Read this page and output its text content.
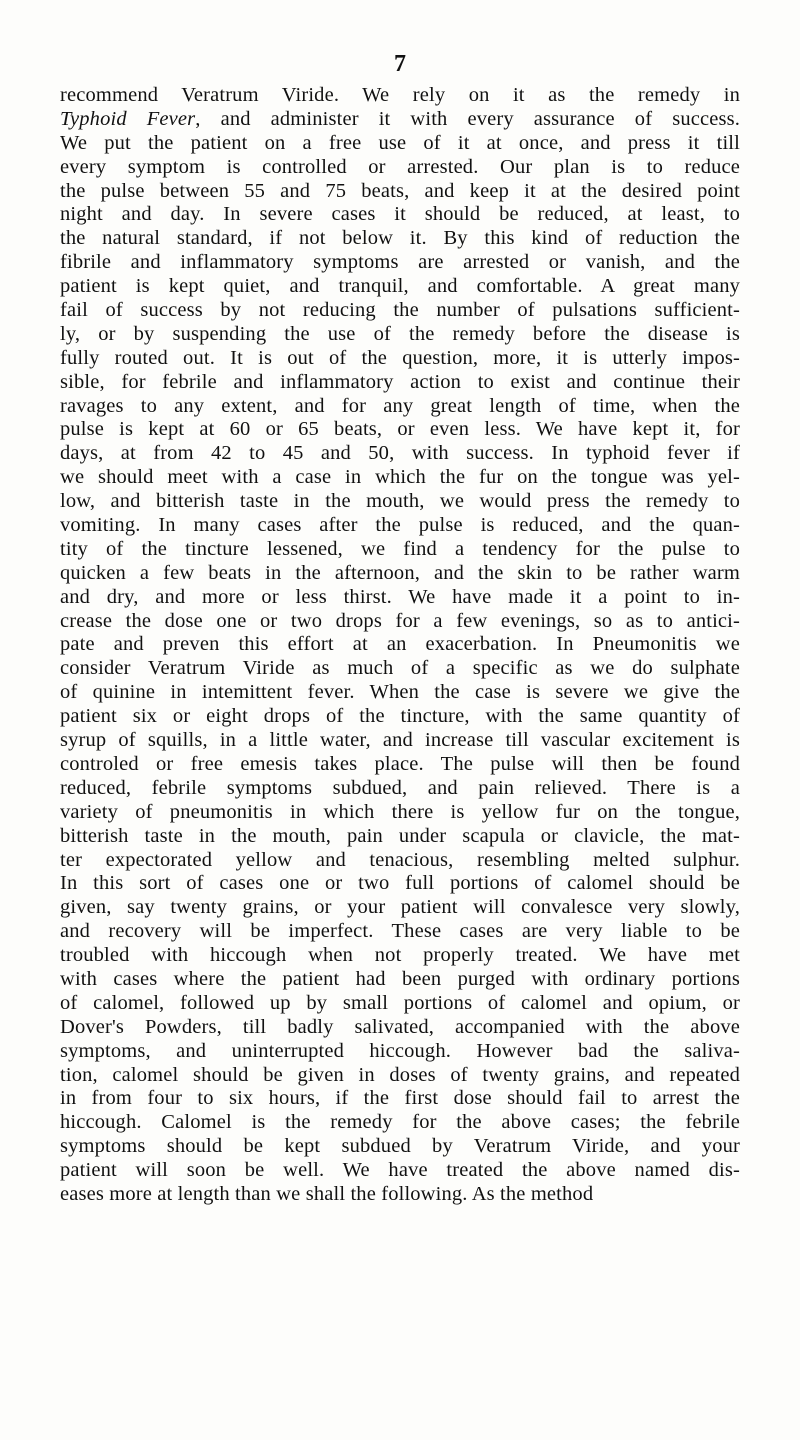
7
recommend Veratrum Viride. We rely on it as the remedy in
Typhoid Fever, and administer it with every assurance of success.
We put the patient on a free use of it at once, and press it till
every symptom is controlled or arrested. Our plan is to reduce
the pulse between 55 and 75 beats, and keep it at the desired point
night and day. In severe cases it should be reduced, at least, to
the natural standard, if not below it. By this kind of reduction the
fibrile and inflammatory symptoms are arrested or vanish, and the
patient is kept quiet, and tranquil, and comfortable. A great many
fail of success by not reducing the number of pulsations sufficient-
ly, or by suspending the use of the remedy before the disease is
fully routed out. It is out of the question, more, it is utterly impos-
sible, for febrile and inflammatory action to exist and continue their
ravages to any extent, and for any great length of time, when the
pulse is kept at 60 or 65 beats, or even less. We have kept it, for
days, at from 42 to 45 and 50, with success. In typhoid fever if
we should meet with a case in which the fur on the tongue was yel-
low, and bitterish taste in the mouth, we would press the remedy to
vomiting. In many cases after the pulse is reduced, and the quan-
tity of the tincture lessened, we find a tendency for the pulse to
quicken a few beats in the afternoon, and the skin to be rather warm
and dry, and more or less thirst. We have made it a point to in-
crease the dose one or two drops for a few evenings, so as to antici-
pate and preven this effort at an exacerbation. In Pneumonitis we
consider Veratrum Viride as much of a specific as we do sulphate
of quinine in intemittent fever. When the case is severe we give the
patient six or eight drops of the tincture, with the same quantity of
syrup of squills, in a little water, and increase till vascular excitement is
controled or free emesis takes place. The pulse will then be found
reduced, febrile symptoms subdued, and pain relieved. There is a
variety of pneumonitis in which there is yellow fur on the tongue,
bitterish taste in the mouth, pain under scapula or clavicle, the mat-
ter expectorated yellow and tenacious, resembling melted sulphur.
In this sort of cases one or two full portions of calomel should be
given, say twenty grains, or your patient will convalesce very slowly,
and recovery will be imperfect. These cases are very liable to be
troubled with hiccough when not properly treated. We have met
with cases where the patient had been purged with ordinary portions
of calomel, followed up by small portions of calomel and opium, or
Dover's Powders, till badly salivated, accompanied with the above
symptoms, and uninterrupted hiccough. However bad the saliva-
tion, calomel should be given in doses of twenty grains, and repeated
in from four to six hours, if the first dose should fail to arrest the
hiccough. Calomel is the remedy for the above cases; the febrile
symptoms should be kept subdued by Veratrum Viride, and your
patient will soon be well. We have treated the above named dis-
eases more at length than we shall the following. As the method
